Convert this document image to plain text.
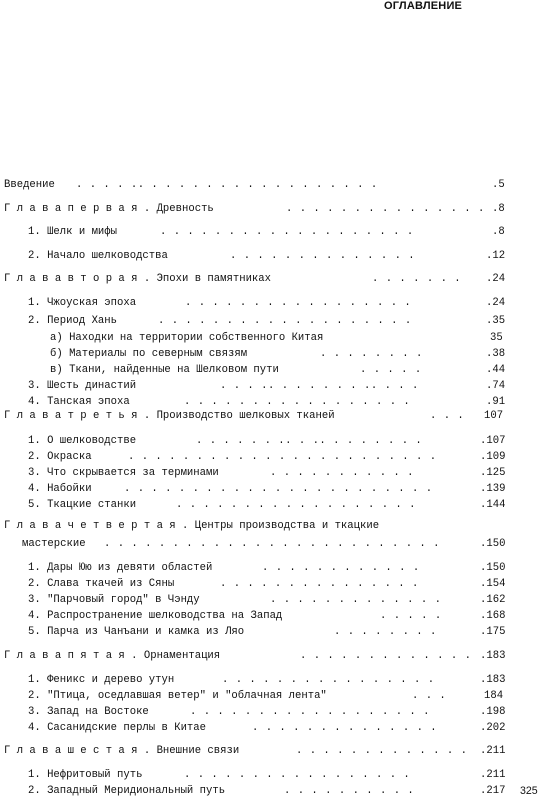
ОГЛАВЛЕНИЕ
Введение . . . . .. . . . . . . . . . . . . . . . . .	.5
Г л а в а п е р в а я . Древность	. . . . . . . . . . . . . . . .8
1. Шелк и мифы	. . . . . . . . . . . . . . . . . . .	.8
2. Начало шелководства	. . . . . . . . . . . . . .	.12
Г л а в а в т о р а я . Эпохи в памятниках	. . . . . . . .24
1. Чжоуская эпоха	. . . . . . . . . . . . . . . . .	.24
2. Период Хань	. . . . . . . . . . . . . . . . . . .	.35
а) Находки на территории собственного Китая	35
б) Материалы по северным связям	. . . . . . . .	.38
в) Ткани, найденные на Шелковом пути	. . . . .	.44
3. Шесть династий	. . . .. . . . . . . .. . . .	.74
4. Танская эпоха	. . . . . . . . . . . . . . . . .	.91
Г л а в а т р е т ь я . Производство шелковых тканей	. . . 107
1. О шелководстве	. . . . . . .. . .. . . . . . . .	.107
2. Окраска	. . . . . . . . . . . . . . . . . . . . . . .	.109
3. Что скрывается за терминами	. . . . . . . . . . .	.125
4. Набойки	. . . . . . . . . . . . . . . . . . . . . . .	.139
5. Ткацкие станки	. . . . . . . . . . . . . . . . . .	.144
Г л а в а ч е т в е р т а я . Центры производства и ткацкие
мастерские . . . . . . . . . . . . . . . . . . . . . . . . .	.150
1. Дары Юю из девяти областей	. . . . . . . . . . . .	.150
2. Слава ткачей из Сяны	. . . . . . . . . . . . . . .	.154
3. "Парчовый город" в Чэнду	. . . . . . . . . . . . .	.162
4. Распространение шелководства на Запад	. . . . .	.168
5. Парча из Чанъани и камка из Ляо	. . . . . . . .	.175
Г л а в а п я т а я . Орнаментация	. . . . . . . . . . . . . .183
1. Феникс и дерево утун	. . . . . . . . . . . . . . . .	.183
2. "Птица, оседлавшая ветер" и "облачная лента"	. . .	184
3. Запад на Востоке	. . . . . . . . . . . . . . . . . .	.198
4. Сасанидские перлы в Китае	. . . . . . . . . . . . . .	.202
Г л а в а ш е с т а я . Внешние связи	. . . . . . . . . . . . . .211
1. Нефритовый путь	. . . . . . . . . . . . . . . . .	.211
2. Западный Меридиональный путь	. . . . . . . . . .	.217 325
